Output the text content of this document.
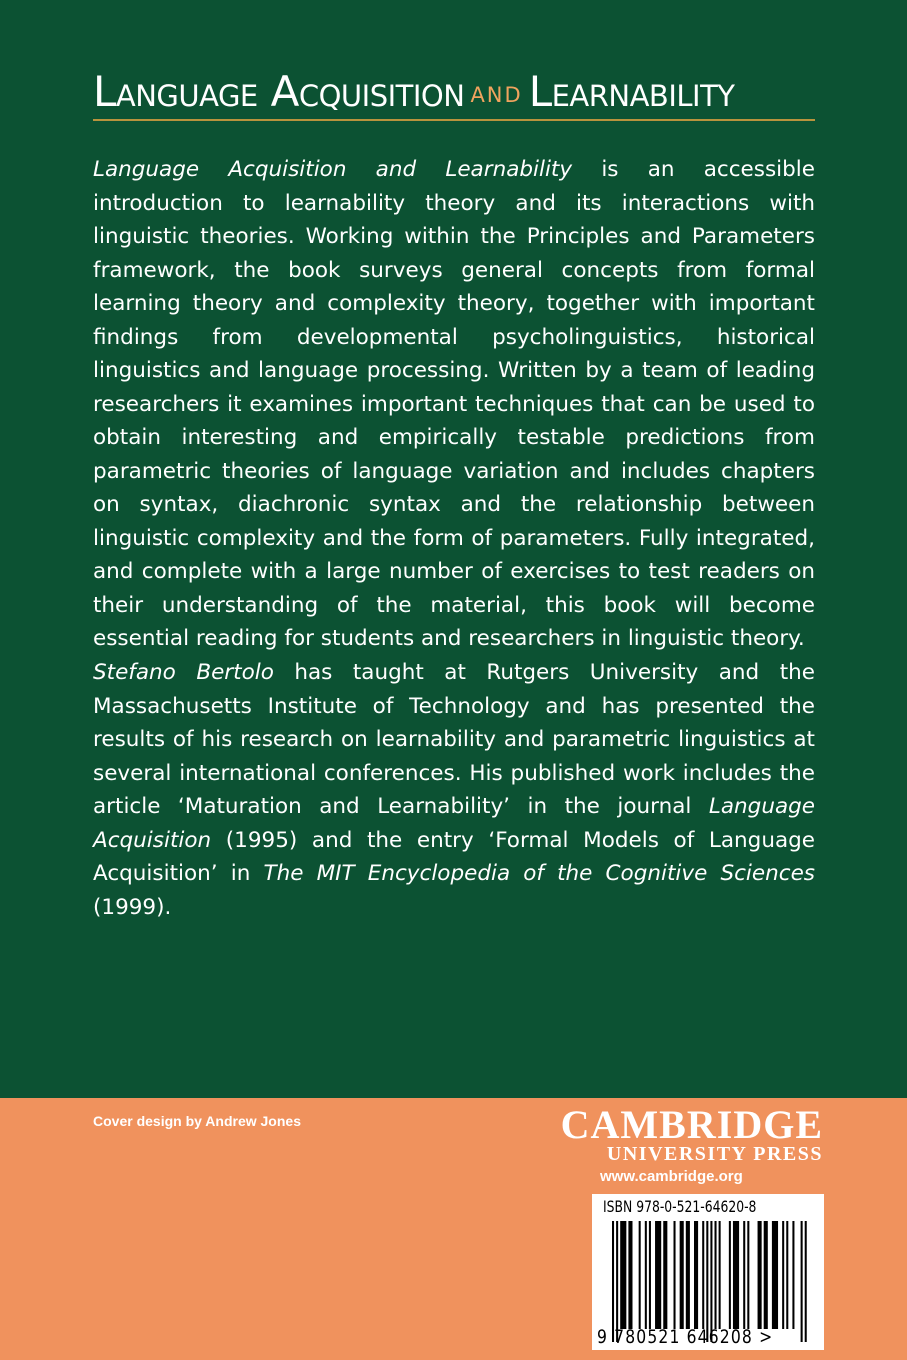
Language Acquisition AND Learnability

Language Acquisition and Learnability is an accessible introduction to learnability theory and its interactions with linguistic theories. Working within the Principles and Parameters framework, the book surveys general concepts from formal learning theory and complexity theory, together with important findings from developmental psycholinguistics, historical linguistics and language processing. Written by a team of leading researchers it examines important techniques that can be used to obtain interesting and empirically testable predictions from parametric theories of language variation and includes chapters on syntax, diachronic syntax and the relationship between linguistic complexity and the form of parameters. Fully integrated, and complete with a large number of exercises to test readers on their understanding of the material, this book will become essential reading for students and researchers in linguistic theory.

Stefano Bertolo has taught at Rutgers University and the Massachusetts Institute of Technology and has presented the results of his research on learnability and parametric linguistics at several international conferences. His published work includes the article ‘Maturation and Learnability’ in the journal Language Acquisition (1995) and the entry ‘Formal Models of Language Acquisition’ in The MIT Encyclopedia of the Cognitive Sciences (1999).

Cover design by Andrew Jones	CAMBRIDGE

UNIVERSITY PRESS

www.cambridge.org

ISBN 978-0-521-64620-8

9 780521 646208 >
